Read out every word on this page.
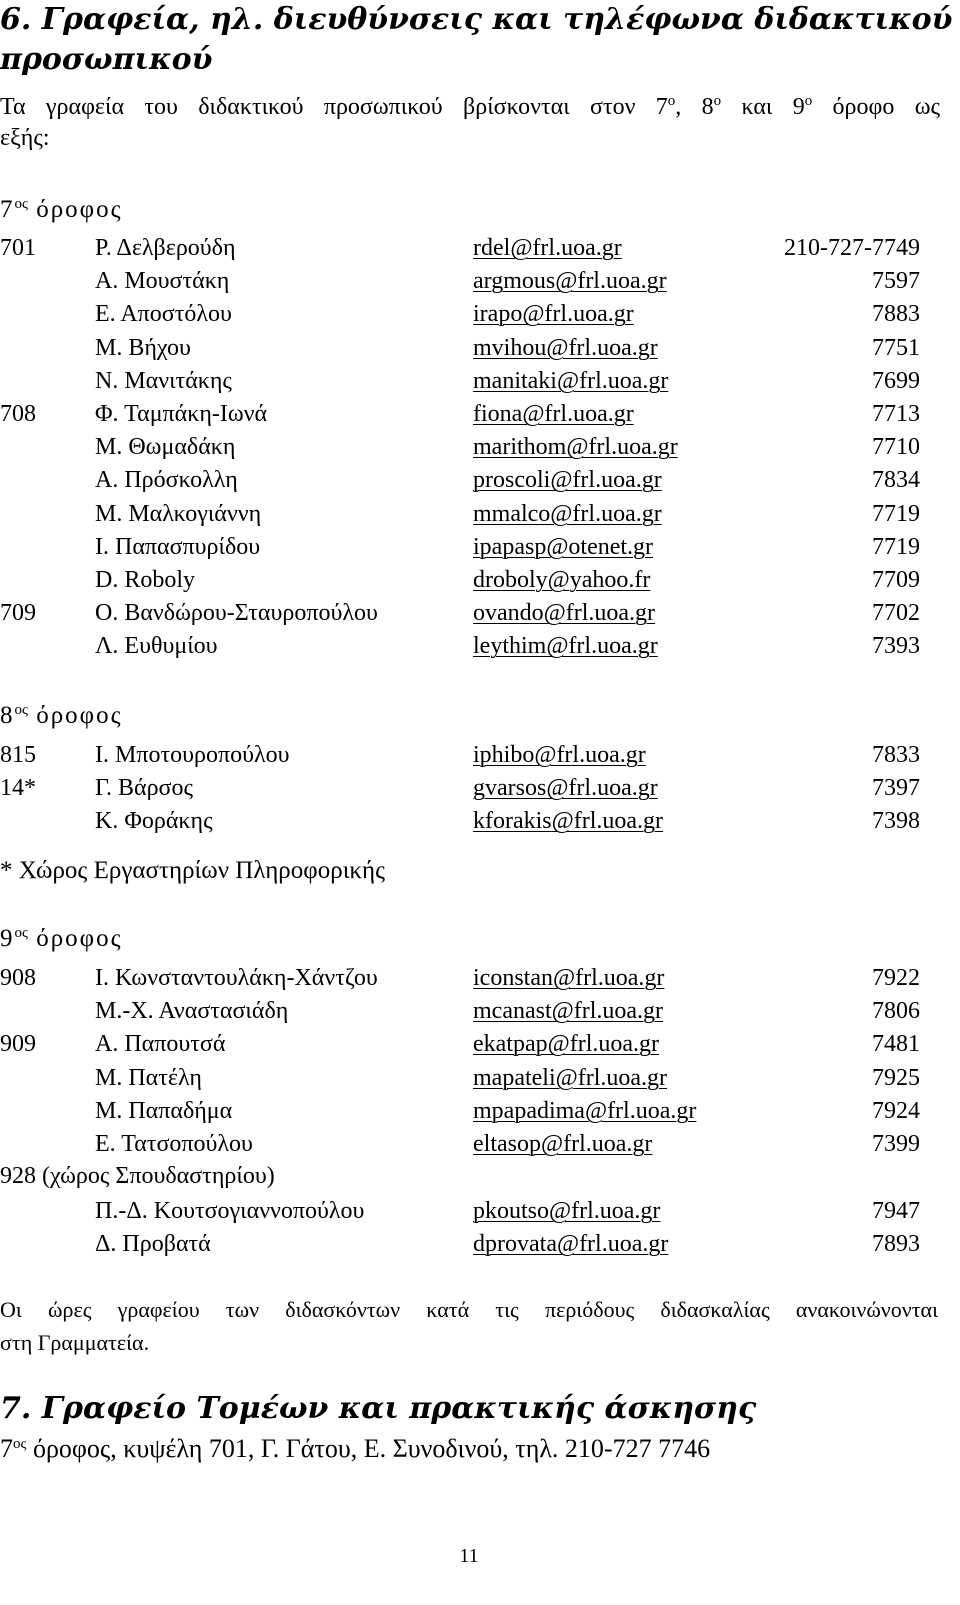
6. Γραφεία, ηλ. διευθύνσεις και τηλέφωνα διδακτικού
προσωπικού
Τα γραφεία του διδακτικού προσωπικού βρίσκονται στον $7^o$, $8^o$ και $9^o$ όροφο ως
εξής:
$7^{o\varsigma}$ όροφος
701 Ρ. Δελβερούδη	rdel@frl.uoa.gr	210-727-7749
Α. Μουστάκη	argmous@frl.uoa.gr	7597
Ε. Αποστόλου	irapo@frl.uoa.gr	7883
Μ. Βήχου	mvihou@frl.uoa.gr	7751
Ν. Μανιτάκης	manitaki@frl.uoa.gr	7699
708 Φ. Ταμπάκη-Ιωνά	fiona@frl.uoa.gr	7713
Μ. Θωμαδάκη	marithom@frl.uoa.gr	7710
Α. Πρόσκολλη	proscoli@frl.uoa.gr	7834
Μ. Μαλκογιάννη	mmalco@frl.uoa.gr	7719
Ι. Παπασπυρίδου	ipapasp@otenet.gr	7719
D. Roboly	droboly@yahoo.fr	7709
709 Ο. Βανδώρου-Σταυροπούλου	ovando@frl.uoa.gr	7702
Λ. Ευθυμίου	leythim@frl.uoa.gr	7393
$8^{o\varsigma}$ όροφος
815 Ι. Μποτουροπούλου	iphibo@frl.uoa.gr	7833
14* Γ. Βάρσος	gvarsos@frl.uoa.gr	7397
Κ. Φοράκης	kforakis@frl.uoa.gr	7398
* Χώρος Εργαστηρίων Πληροφορικής
$9^{o\varsigma}$ όροφος
908 Ι. Κωνσταντουλάκη-Χάντζου	iconstan@frl.uoa.gr	7922
Μ.-Χ. Αναστασιάδη	mcanast@frl.uoa.gr	7806
909 Α. Παπουτσά	ekatpap@frl.uoa.gr	7481
Μ. Πατέλη	mapateli@frl.uoa.gr	7925
Μ. Παπαδήμα	mpapadima@frl.uoa.gr	7924
Ε. Τατσοπούλου	eltasop@frl.uoa.gr	7399
928 (χώρος Σπουδαστηρίου)
Π.-Δ. Κουτσογιαννοπούλου	pkoutso@frl.uoa.gr	7947
Δ. Προβατά	dprovata@frl.uoa.gr	7893
Οι ώρες γραφείου των διδασκόντων κατά τις περιόδους διδασκαλίας ανακοινώνονται
στη Γραμματεία.
7. Γραφείο Τομέων και πρακτικής άσκησης
$7^{o\varsigma}$ όροφος, κυψέλη 701, Γ. Γάτου, Ε. Συνοδινού, τηλ. 210-727 7746
11
